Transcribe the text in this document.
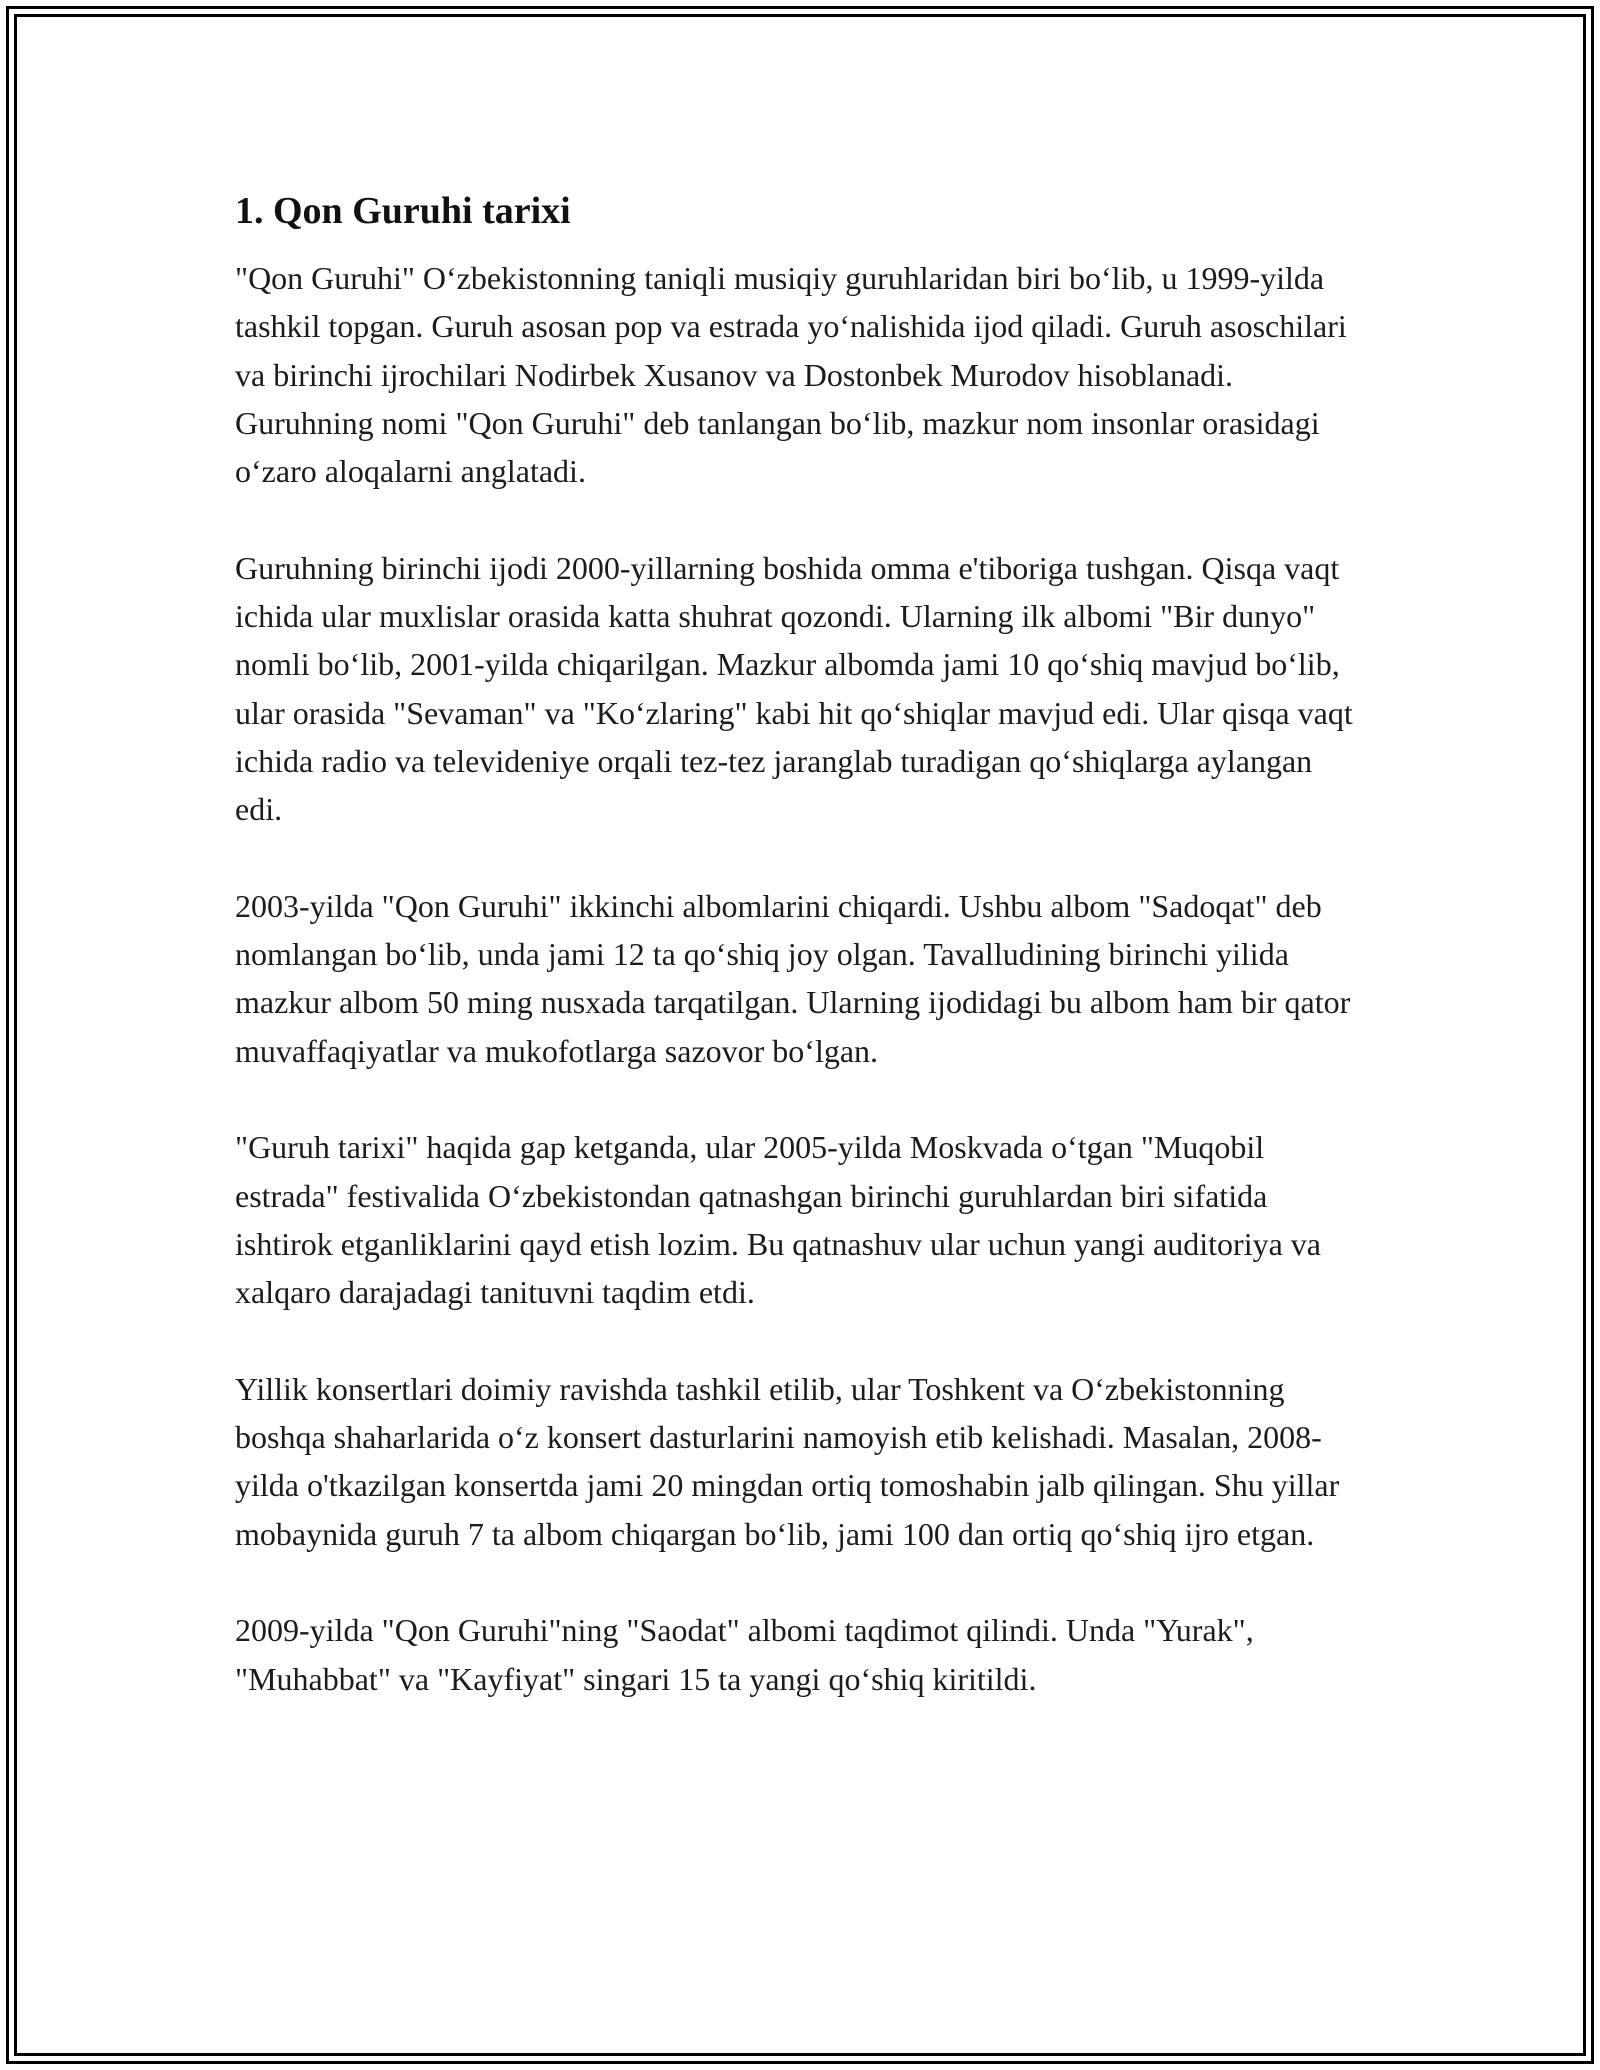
1. Qon Guruhi tarixi

"Qon Guruhi" O‘zbekistonning taniqli musiqiy guruhlaridan biri bo‘lib, u 1999-yilda tashkil topgan. Guruh asosan pop va estrada yo‘nalishida ijod qiladi. Guruh asoschilari va birinchi ijrochilari Nodirbek Xusanov va Dostonbek Murodov hisoblanadi. Guruhning nomi "Qon Guruhi" deb tanlangan bo‘lib, mazkur nom insonlar orasidagi o‘zaro aloqalarni anglatadi.

Guruhning birinchi ijodi 2000-yillarning boshida omma e'tiboriga tushgan. Qisqa vaqt ichida ular muxlislar orasida katta shuhrat qozondi. Ularning ilk albomi "Bir dunyo" nomli bo‘lib, 2001-yilda chiqarilgan. Mazkur albomda jami 10 qo‘shiq mavjud bo‘lib, ular orasida "Sevaman" va "Ko‘zlaring" kabi hit qo‘shiqlar mavjud edi. Ular qisqa vaqt ichida radio va televideniye orqali tez-tez jaranglab turadigan qo‘shiqlarga aylangan edi.

2003-yilda "Qon Guruhi" ikkinchi albomlarini chiqardi. Ushbu albom "Sadoqat" deb nomlangan bo‘lib, unda jami 12 ta qo‘shiq joy olgan. Tavalludining birinchi yilida mazkur albom 50 ming nusxada tarqatilgan. Ularning ijodidagi bu albom ham bir qator muvaffaqiyatlar va mukofotlarga sazovor bo‘lgan.

"Guruh tarixi" haqida gap ketganda, ular 2005-yilda Moskvada o‘tgan "Muqobil estrada" festivalida O‘zbekistondan qatnashgan birinchi guruhlardan biri sifatida ishtirok etganliklarini qayd etish lozim. Bu qatnashuv ular uchun yangi auditoriya va xalqaro darajadagi tanituvni taqdim etdi.

Yillik konsertlari doimiy ravishda tashkil etilib, ular Toshkent va O‘zbekistonning boshqa shaharlarida o‘z konsert dasturlarini namoyish etib kelishadi. Masalan, 2008-yilda o'tkazilgan konsertda jami 20 mingdan ortiq tomoshabin jalb qilingan. Shu yillar mobaynida guruh 7 ta albom chiqargan bo‘lib, jami 100 dan ortiq qo‘shiq ijro etgan.

2009-yilda "Qon Guruhi"ning "Saodat" albomi taqdimot qilindi. Unda "Yurak", "Muhabbat" va "Kayfiyat" singari 15 ta yangi qo‘shiq kiritildi.
